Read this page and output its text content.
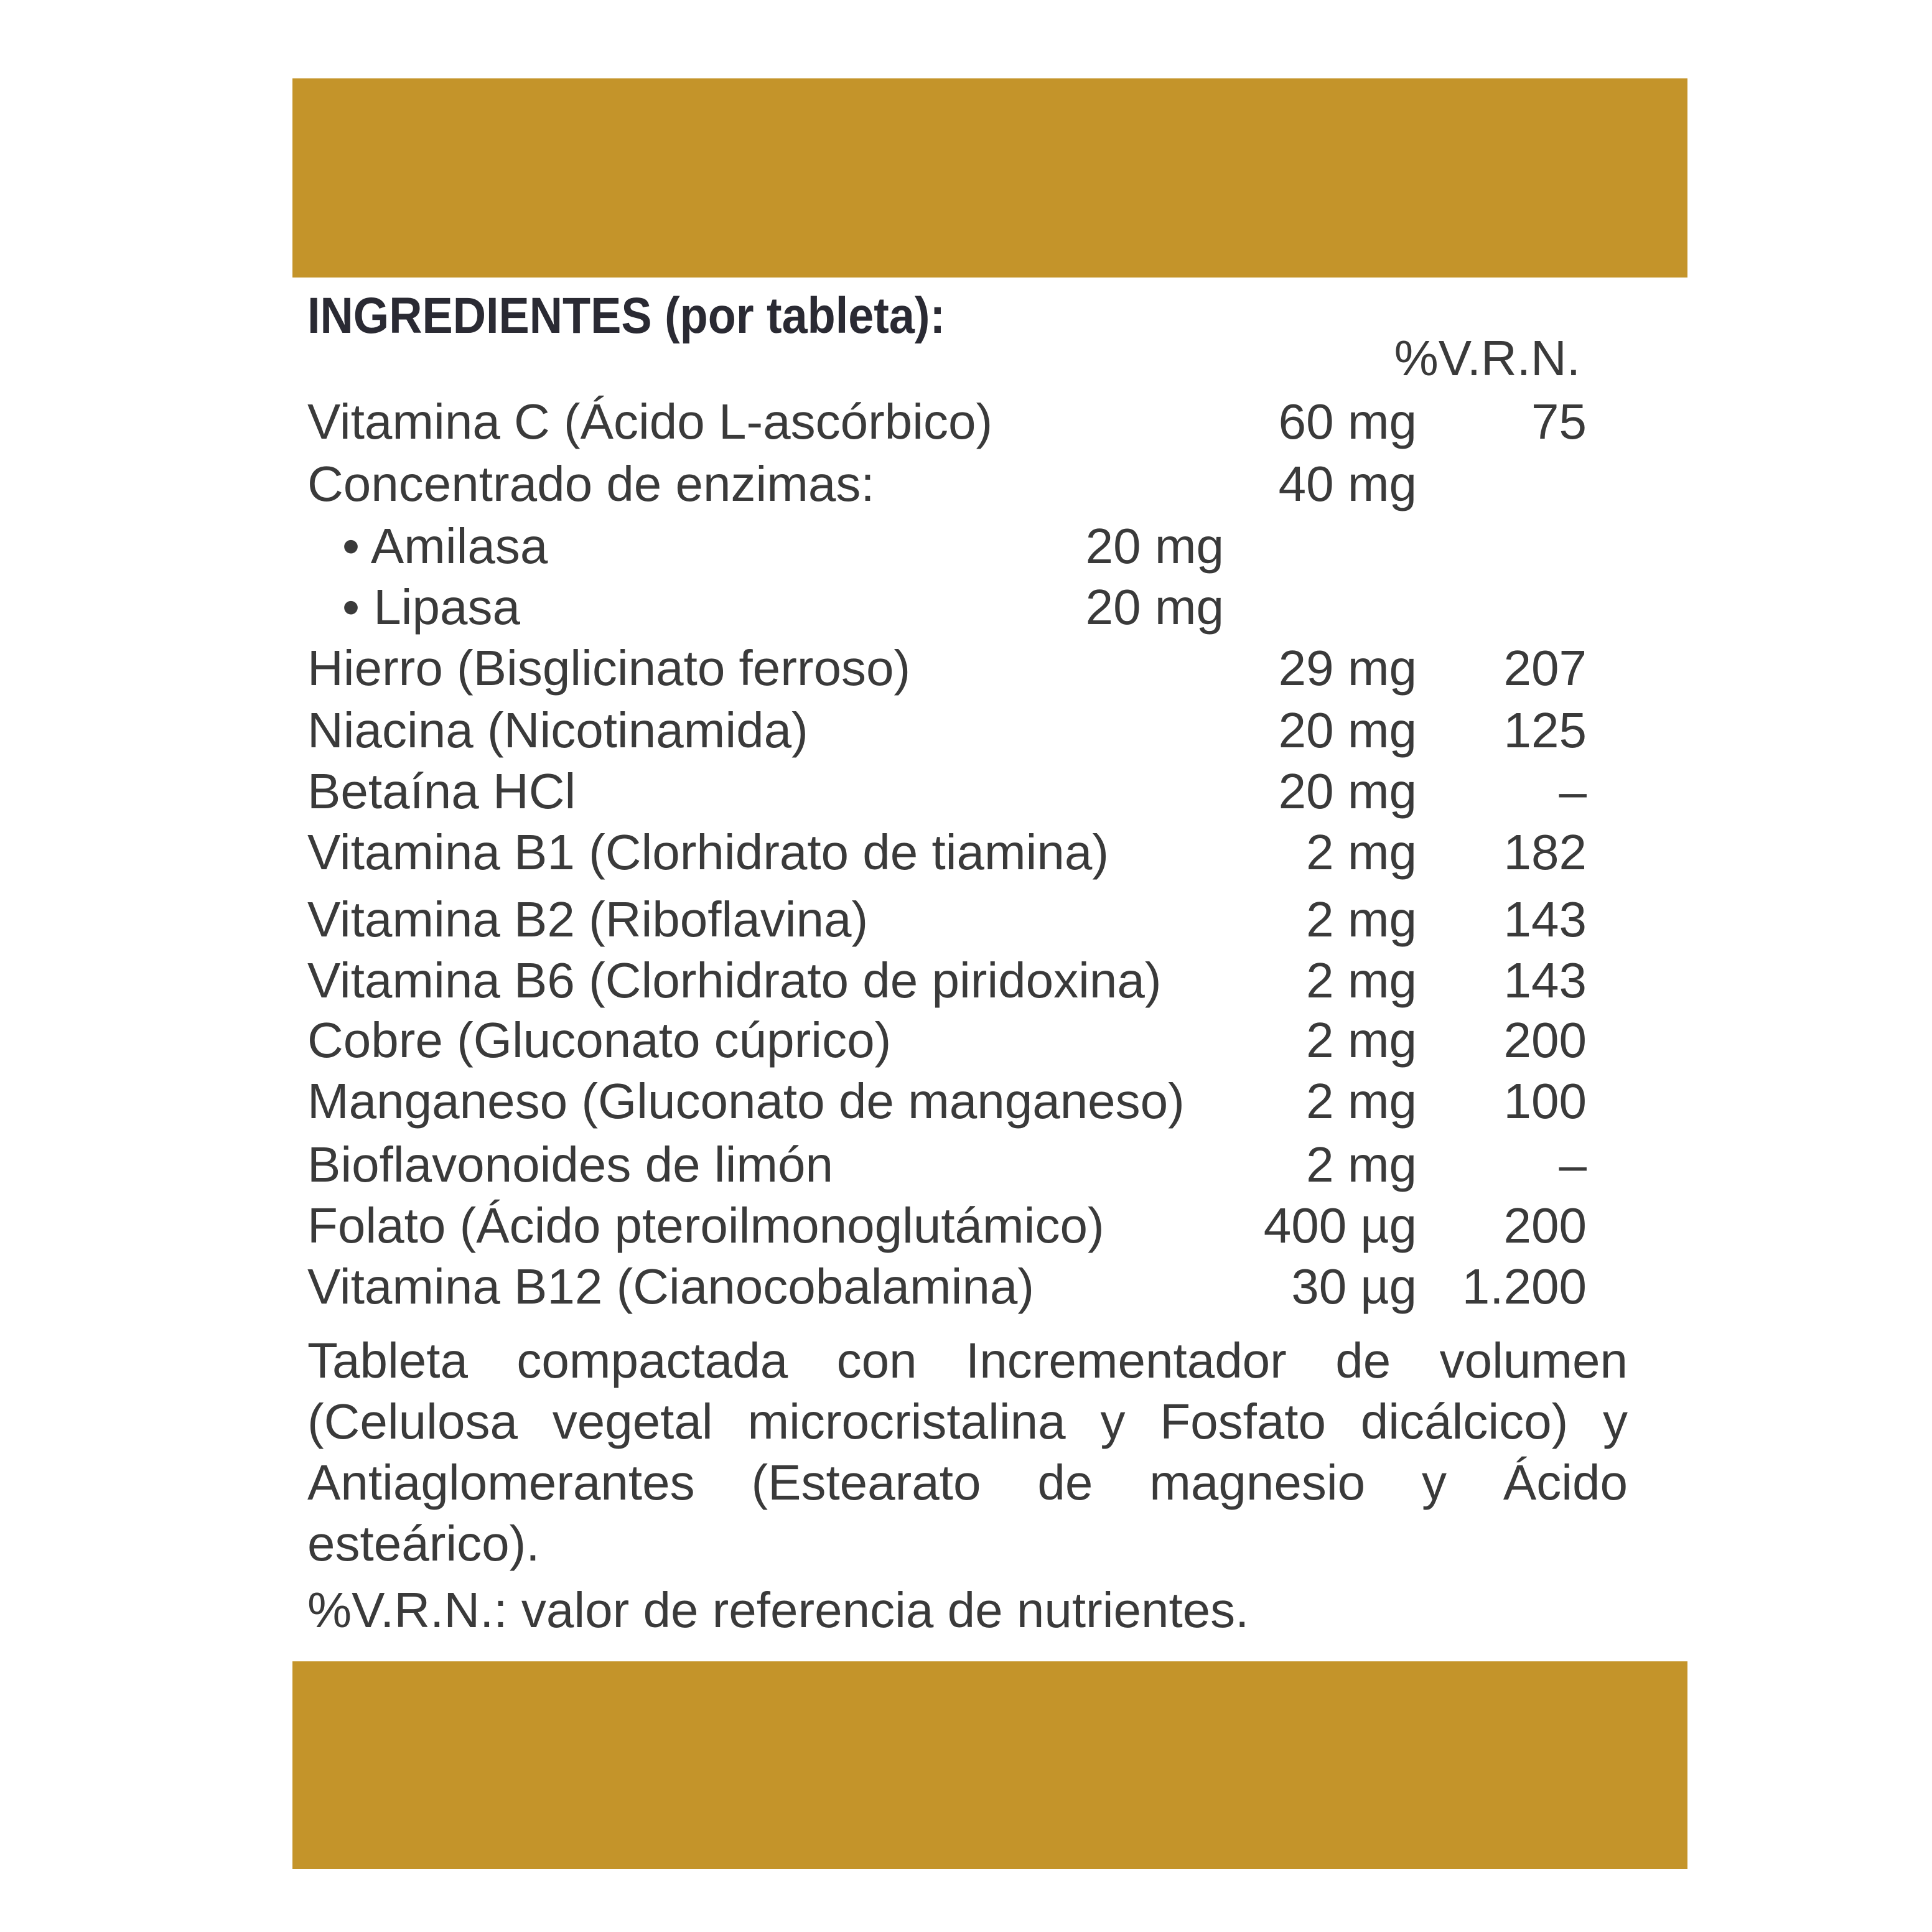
INGREDIENTES (por tableta):
%V.R.N.
Vitamina C (Ácido L-ascórbico)	60 mg 75
Concentrado de enzimas:	40 mg
• Amilasa	20 mg
• Lipasa	20 mg
Hierro (Bisglicinato ferroso)	29 mg 207
Niacina (Nicotinamida)	20 mg 125
Betaína HCl	20 mg	–
Vitamina B1 (Clorhidrato de tiamina)	2 mg 182
Vitamina B2 (Riboflavina)	2 mg 143
Vitamina B6 (Clorhidrato de piridoxina)	2 mg 143
Cobre (Gluconato cúprico)	2 mg 200
Manganeso (Gluconato de manganeso) 2 mg 100
Bioflavonoides de limón	2 mg	–
Folato (Ácido pteroilmonoglutámico)	400 µg 200
Vitamina B12 (Cianocobalamina)	30 µg 1.200

Tableta compactada con Incrementador de volumen (Celulosa vegetal microcristalina y Fosfato dicálcico) y Antiaglomerantes (Estearato de magnesio y Ácido esteárico).

%V.R.N.: valor de referencia de nutrientes.
